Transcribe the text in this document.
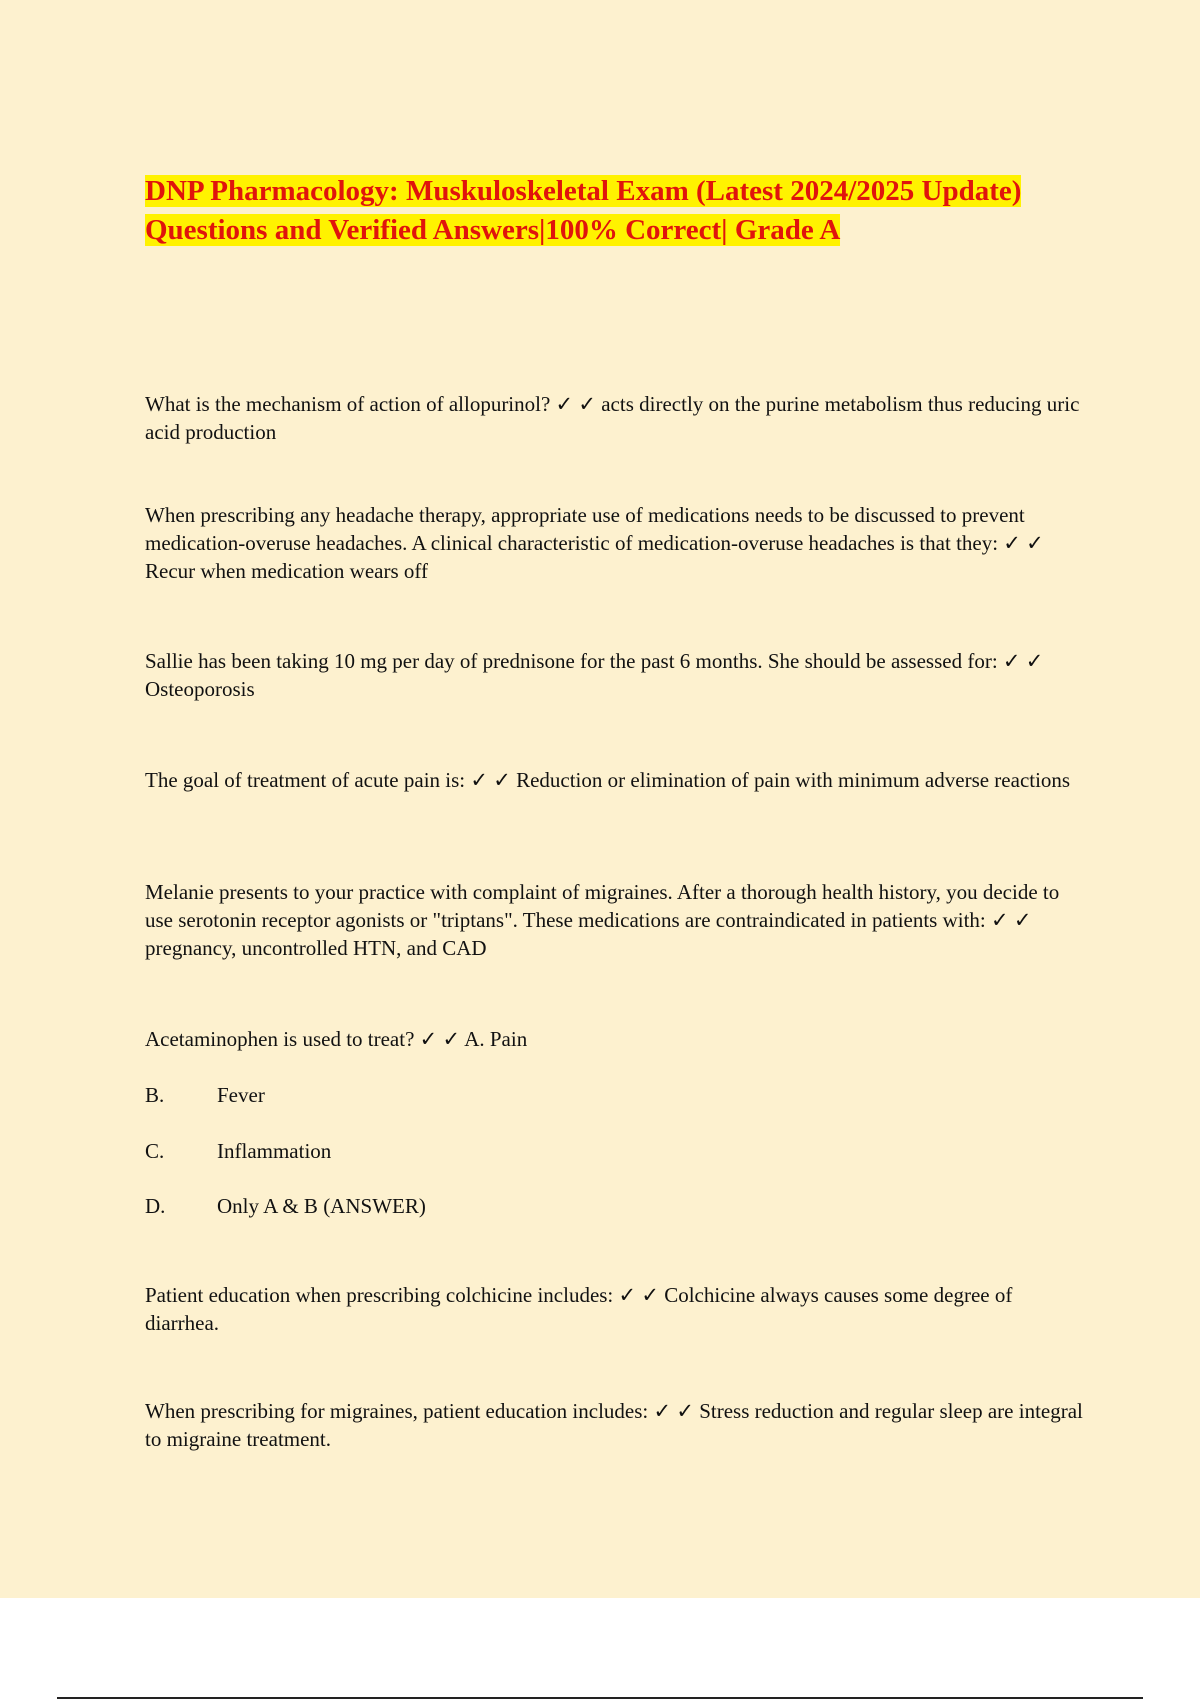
DNP Pharmacology: Muskuloskeletal Exam (Latest 2024/2025 Update) Questions and Verified Answers|100% Correct| Grade A

What is the mechanism of action of allopurinol? ✓ ✓ acts directly on the purine metabolism thus reducing uric acid production

When prescribing any headache therapy, appropriate use of medications needs to be discussed to prevent medication-overuse headaches. A clinical characteristic of medication-overuse headaches is that they: ✓ ✓ Recur when medication wears off

Sallie has been taking 10 mg per day of prednisone for the past 6 months. She should be assessed for: ✓ ✓ Osteoporosis

The goal of treatment of acute pain is: ✓ ✓ Reduction or elimination of pain with minimum adverse reactions

Melanie presents to your practice with complaint of migraines. After a thorough health history, you decide to use serotonin receptor agonists or "triptans". These medications are contraindicated in patients with: ✓ ✓ pregnancy, uncontrolled HTN, and CAD

Acetaminophen is used to treat? ✓ ✓ A. Pain

B.	Fever

C.	Inflammation

D. Only A & B (ANSWER)

Patient education when prescribing colchicine includes: ✓ ✓ Colchicine always causes some degree of diarrhea.

When prescribing for migraines, patient education includes: ✓ ✓ Stress reduction and regular sleep are integral to migraine treatment.
